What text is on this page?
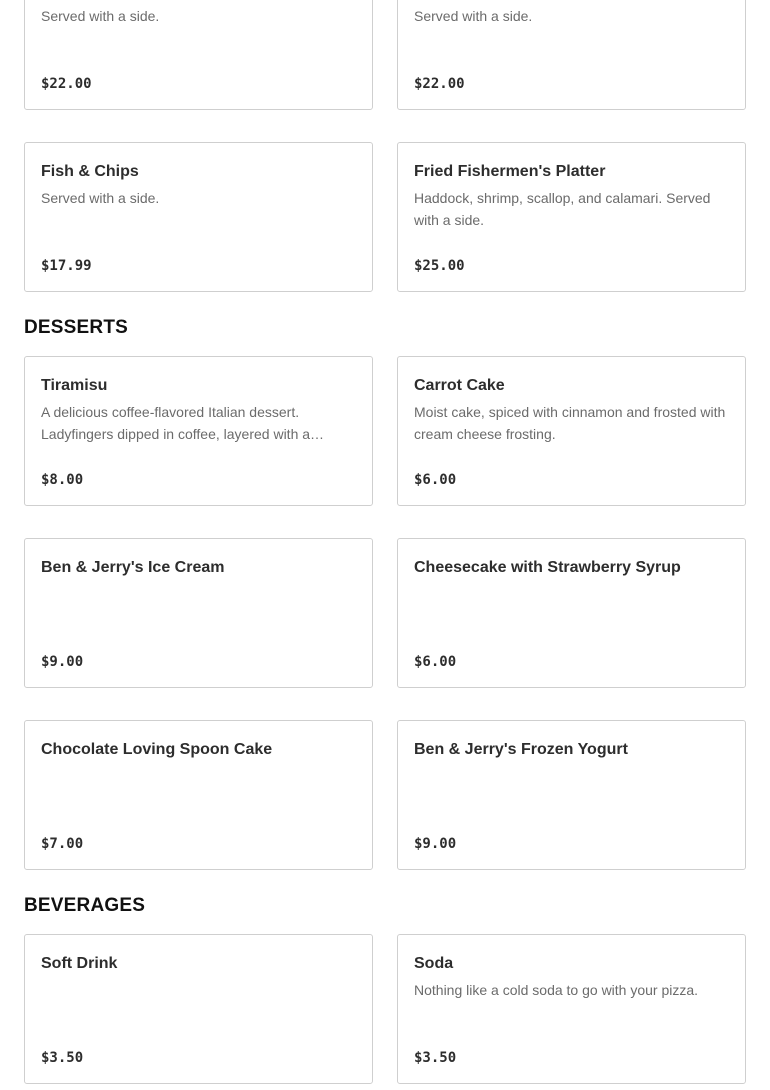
Served with a side.
$22.00
Served with a side.
$22.00
Fish & Chips
Served with a side.
$17.99
Fried Fishermen's Platter
Haddock, shrimp, scallop, and calamari. Served with a side.
$25.00
DESSERTS
Tiramisu
A delicious coffee-flavored Italian dessert. Ladyfingers dipped in coffee, layered with a…
$8.00
Carrot Cake
Moist cake, spiced with cinnamon and frosted with cream cheese frosting.
$6.00
Ben & Jerry's Ice Cream
$9.00
Cheesecake with Strawberry Syrup
$6.00
Chocolate Loving Spoon Cake
$7.00
Ben & Jerry's Frozen Yogurt
$9.00
BEVERAGES
Soft Drink
$3.50
Soda
Nothing like a cold soda to go with your pizza.
$3.50
